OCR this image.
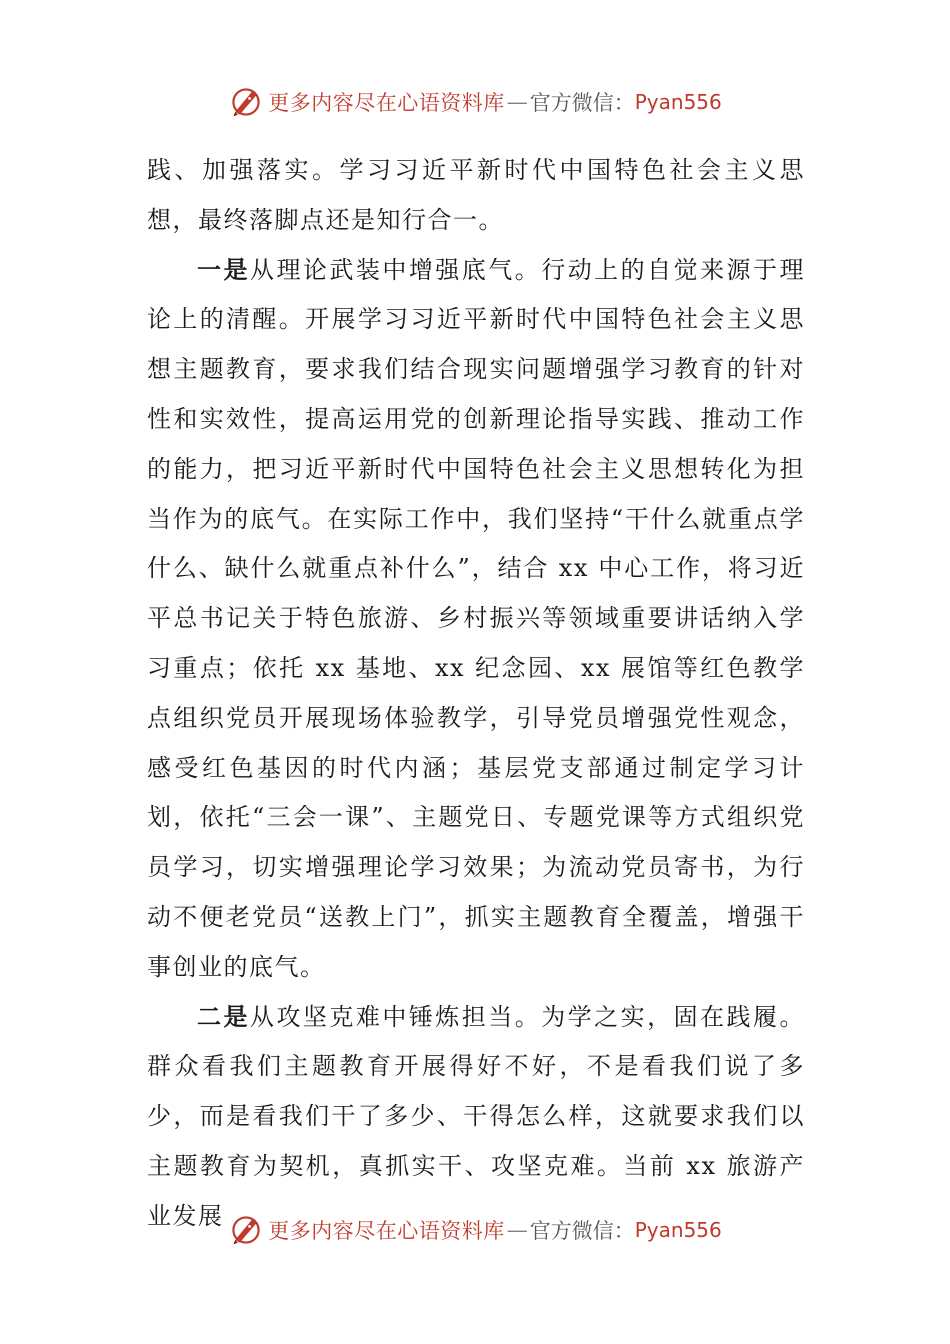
更多内容尽在心语资料库 — 官方微信： Pyan556

践、加强落实。学习习近平新时代中国特色社会主义思想，最终落脚点还是知行合一。

一是从理论武装中增强底气。行动上的自觉来源于理论上的清醒。开展学习习近平新时代中国特色社会主义思想主题教育，要求我们结合现实问题增强学习教育的针对性和实效性，提高运用党的创新理论指导实践、推动工作的能力，把习近平新时代中国特色社会主义思想转化为担当作为的底气。在实际工作中，我们坚持“干什么就重点学什么、缺什么就重点补什么”，结合 xx 中心工作，将习近平总书记关于特色旅游、乡村振兴等领域重要讲话纳入学习重点；依托 xx 基地、xx 纪念园、xx 展馆等红色教学点组织党员开展现场体验教学，引导党员增强党性观念，感受红色基因的时代内涵；基层党支部通过制定学习计划，依托“三会一课”、主题党日、专题党课等方式组织党员学习，切实增强理论学习效果；为流动党员寄书，为行动不便老党员“送教上门”，抓实主题教育全覆盖，增强干事创业的底气。

二是从攻坚克难中锤炼担当。为学之实，固在践履。群众看我们主题教育开展得好不好，不是看我们说了多少，而是看我们干了多少、干得怎么样，这就要求我们以主题教育为契机，真抓实干、攻坚克难。当前 xx 旅游产业发展

更多内容尽在心语资料库 — 官方微信： Pyan556
